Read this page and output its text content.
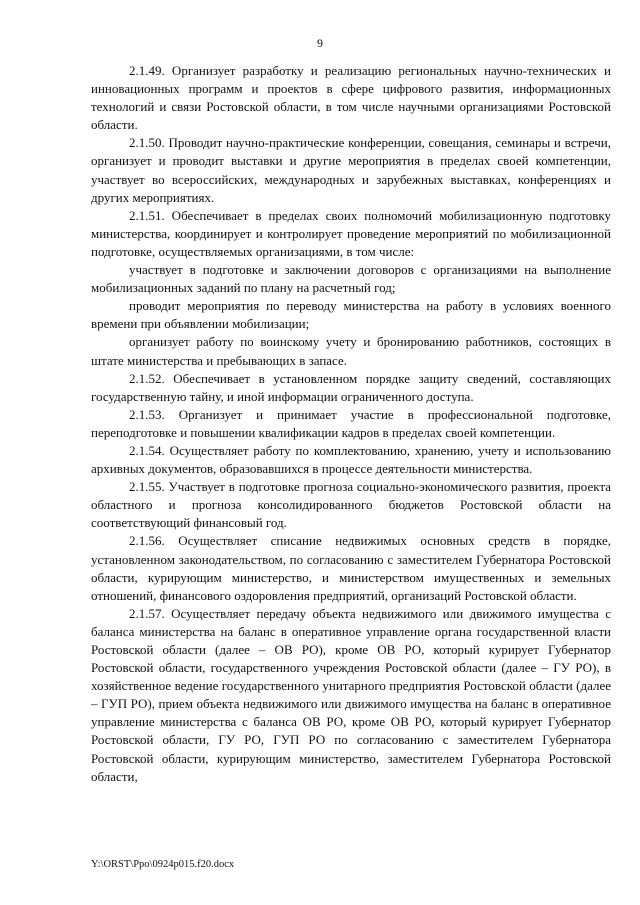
9

2.1.49. Организует разработку и реализацию региональных научно-технических и инновационных программ и проектов в сфере цифрового развития, информационных технологий и связи Ростовской области, в том числе научными организациями Ростовской области.

2.1.50. Проводит научно-практические конференции, совещания, семинары и встречи, организует и проводит выставки и другие мероприятия в пределах своей компетенции, участвует во всероссийских, международных и зарубежных выставках, конференциях и других мероприятиях.

2.1.51. Обеспечивает в пределах своих полномочий мобилизационную подготовку министерства, координирует и контролирует проведение мероприятий по мобилизационной подготовке, осуществляемых организациями, в том числе:

участвует в подготовке и заключении договоров с организациями на выполнение мобилизационных заданий по плану на расчетный год;

проводит мероприятия по переводу министерства на работу в условиях военного времени при объявлении мобилизации;

организует работу по воинскому учету и бронированию работников, состоящих в штате министерства и пребывающих в запасе.

2.1.52. Обеспечивает в установленном порядке защиту сведений, составляющих государственную тайну, и иной информации ограниченного доступа.

2.1.53. Организует и принимает участие в профессиональной подготовке, переподготовке и повышении квалификации кадров в пределах своей компетенции.

2.1.54. Осуществляет работу по комплектованию, хранению, учету и использованию архивных документов, образовавшихся в процессе деятельности министерства.

2.1.55. Участвует в подготовке прогноза социально-экономического развития, проекта областного и прогноза консолидированного бюджетов Ростовской области на соответствующий финансовый год.

2.1.56. Осуществляет списание недвижимых основных средств в порядке, установленном законодательством, по согласованию с заместителем Губернатора Ростовской области, курирующим министерство, и министерством имущественных и земельных отношений, финансового оздоровления предприятий, организаций Ростовской области.

2.1.57. Осуществляет передачу объекта недвижимого или движимого имущества с баланса министерства на баланс в оперативное управление органа государственной власти Ростовской области (далее – ОВ РО), кроме ОВ РО, который курирует Губернатор Ростовской области, государственного учреждения Ростовской области (далее – ГУ РО), в хозяйственное ведение государственного унитарного предприятия Ростовской области (далее – ГУП РО), прием объекта недвижимого или движимого имущества на баланс в оперативное управление министерства с баланса ОВ РО, кроме ОВ РО, который курирует Губернатор Ростовской области, ГУ РО, ГУП РО по согласованию с заместителем Губернатора Ростовской области, курирующим министерство, заместителем Губернатора Ростовской области,

Y:\ORST\Ppo\0924p015.f20.docx
